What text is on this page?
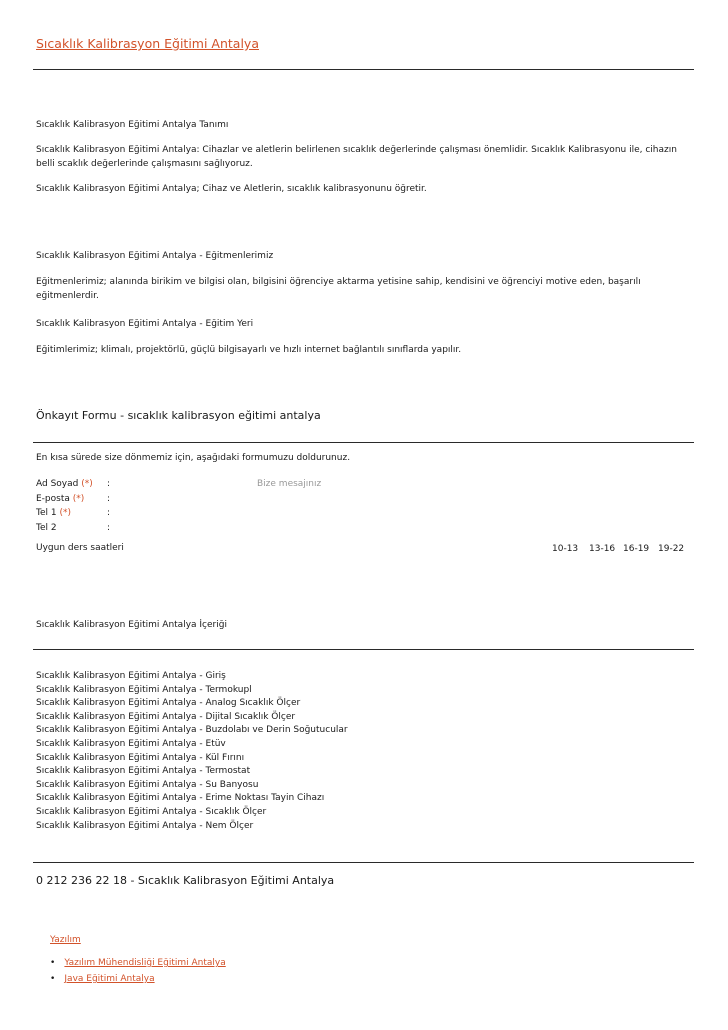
Sıcaklık Kalibrasyon Eğitimi Antalya
Sıcaklık Kalibrasyon Eğitimi Antalya Tanımı
Sıcaklık Kalibrasyon Eğitimi Antalya: Cihazlar ve aletlerin belirlenen sıcaklık değerlerinde çalışması önemlidir. Sıcaklık Kalibrasyonu ile, cihazın
belli scaklık değerlerinde çalışmasını sağlıyoruz.
Sıcaklık Kalibrasyon Eğitimi Antalya; Cihaz ve Aletlerin, sıcaklık kalibrasyonunu öğretir.
Sıcaklık Kalibrasyon Eğitimi Antalya - Eğitmenlerimiz
Eğitmenlerimiz; alanında birikim ve bilgisi olan, bilgisini öğrenciye aktarma yetisine sahip, kendisini ve öğrenciyi motive eden, başarılı
eğitmenlerdir.
Sıcaklık Kalibrasyon Eğitimi Antalya - Eğitim Yeri
Eğitimlerimiz; klimalı, projektörlü, güçlü bilgisayarlı ve hızlı internet bağlantılı sınıflarda yapılır.
Önkayıt Formu - sıcaklık kalibrasyon eğitimi antalya
En kısa sürede size dönmemiz için, aşağıdaki formumuzu doldurunuz.
Ad Soyad (*) :
E-posta (*)	:
Tel 1 (*)	:
Tel 2	:
Bize mesajınız
Uygun ders saatleri	10-13 13-16 16-19 19-22
Sıcaklık Kalibrasyon Eğitimi Antalya İçeriği
Sıcaklık Kalibrasyon Eğitimi Antalya - Giriş
Sıcaklık Kalibrasyon Eğitimi Antalya - Termokupl
Sıcaklık Kalibrasyon Eğitimi Antalya - Analog Sıcaklık Ölçer
Sıcaklık Kalibrasyon Eğitimi Antalya - Dijital Sıcaklık Ölçer
Sıcaklık Kalibrasyon Eğitimi Antalya - Buzdolabı ve Derin Soğutucular
Sıcaklık Kalibrasyon Eğitimi Antalya - Etüv
Sıcaklık Kalibrasyon Eğitimi Antalya - Kül Fırını
Sıcaklık Kalibrasyon Eğitimi Antalya - Termostat
Sıcaklık Kalibrasyon Eğitimi Antalya - Su Banyosu
Sıcaklık Kalibrasyon Eğitimi Antalya - Erime Noktası Tayin Cihazı
Sıcaklık Kalibrasyon Eğitimi Antalya - Sıcaklık Ölçer
Sıcaklık Kalibrasyon Eğitimi Antalya - Nem Ölçer
0 212 236 22 18 - Sıcaklık Kalibrasyon Eğitimi Antalya
Yazılım
• Yazılım Mühendisliği Eğitimi Antalya
• Java Eğitimi Antalya
